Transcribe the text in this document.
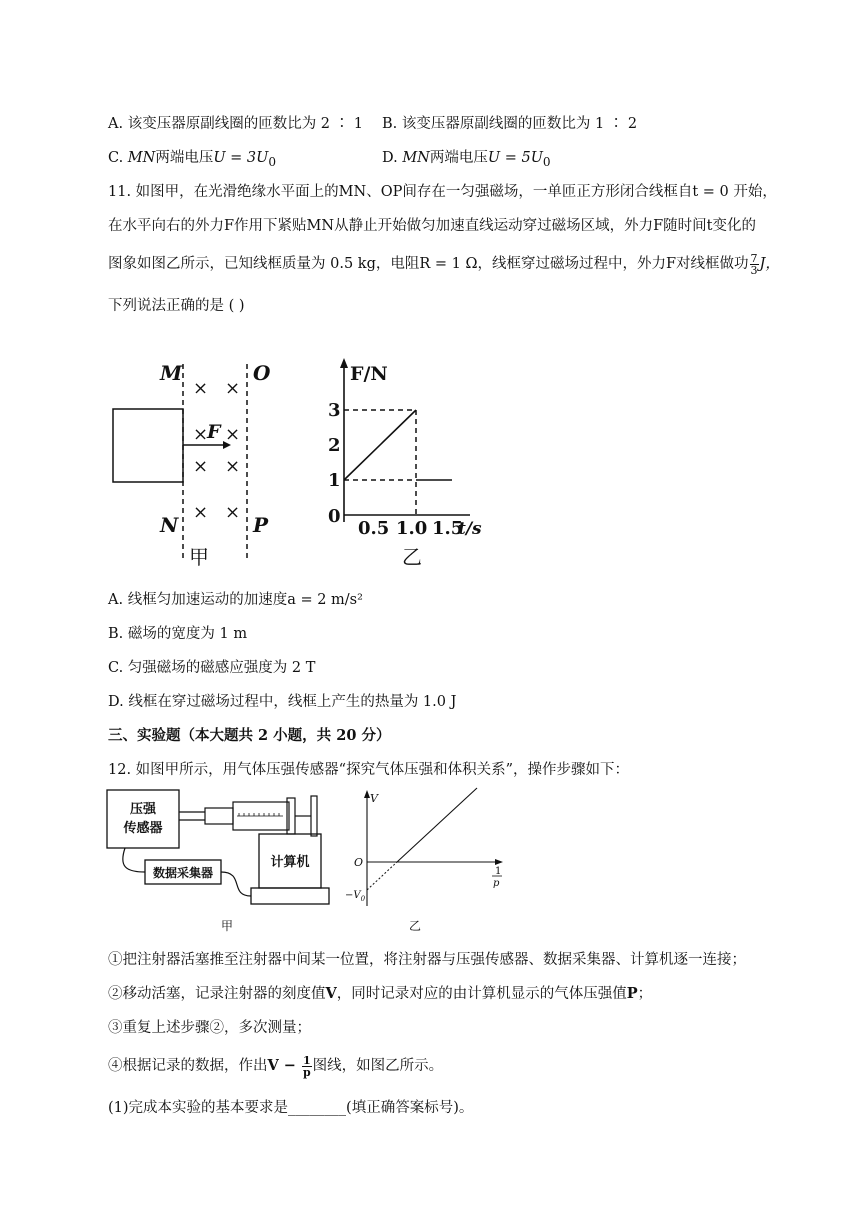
A. 该变压器原副线圈的匝数比为 2 ∶ 1 B. 该变压器原副线圈的匝数比为 1 ∶ 2
C. MN两端电压$U = 3U_0$	D. MN两端电压$U = 5U_0$
11. 如图甲，在光滑绝缘水平面上的MN、OP间存在一匀强磁场，一单匝正方形闭合线框自t = 0 开始，
在水平向右的外力F作用下紧贴MN从静止开始做匀加速直线运动穿过磁场区域，外力F随时间t变化的
图象如图乙所示，已知线框质量为 0.5 kg，电阻R = 1 Ω，线框穿过磁场过程中，外力F对线框做功 $\frac{7}{3}$ J，
下列说法正确的是 ( )
M	O
N	P
× ×
× ×
× ×
× ×
F
甲
F/N
t/s
3
2
1
0
0.5 1.0 1.5
乙
A. 线框匀加速运动的加速度a = 2 m/s²
B. 磁场的宽度为 1 m
C. 匀强磁场的磁感应强度为 2 T
D. 线框在穿过磁场过程中，线框上产生的热量为 1.0 J
三、实验题（本大题共 2 小题，共 20 分）
12. 如图甲所示，用气体压强传感器“探究气体压强和体积关系”，操作步骤如下：
压强
传感器
数据采集器
计算机
甲
V
O
$-V_0$
1
p
乙
①把注射器活塞推至注射器中间某一位置，将注射器与压强传感器、数据采集器、计算机逐一连接；
②移动活塞，记录注射器的刻度值V，同时记录对应的由计算机显示的气体压强值P；
③重复上述步骤②，多次测量；
④根据记录的数据，作出$V - \frac{1}{p}$ 图线，如图乙所示。
(1)完成本实验的基本要求是________(填正确答案标号)。
